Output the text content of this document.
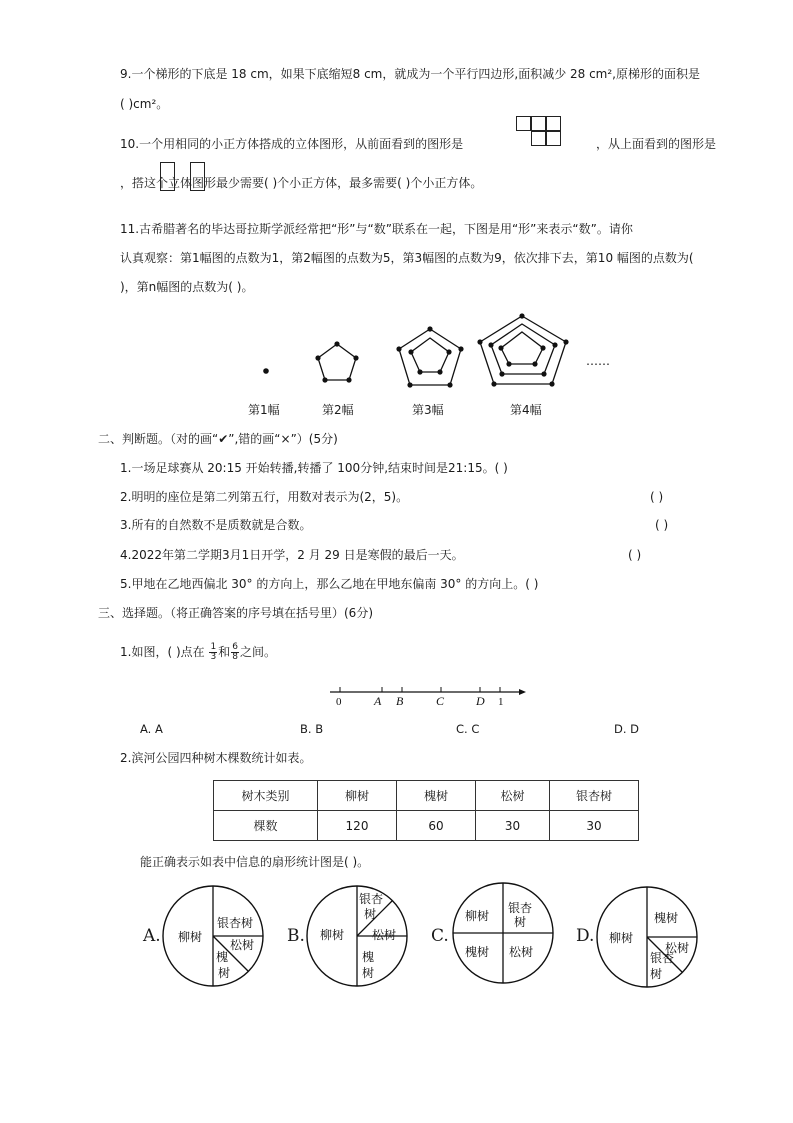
9.一个梯形的下底是 18 cm，如果下底缩短8 cm，就成为一个平行四边形,面积减少 28 cm²,原梯形的面积是
( )cm²。
10.一个用相同的小正方体搭成的立体图形，从前面看到的图形是	，从上面看到的图形是
，搭这个立体图形最少需要( )个小正方体，最多需要( )个小正方体。
11.古希腊著名的毕达哥拉斯学派经常把“形”与“数”联系在一起，下图是用“形”来表示“数”。请你
认真观察：第1幅图的点数为1，第2幅图的点数为5，第3幅图的点数为9，依次排下去，第10 幅图的点数为(
)，第n幅图的点数为( )。
……
第1幅	第2幅	第3幅	第4幅
二、判断题。（对的画“✔”,错的画“×”）(5分)
1.一场足球赛从 20:15 开始转播,转播了 100分钟,结束时间是21:15。( )
2.明明的座位是第二列第五行，用数对表示为(2，5)。	( )
3.所有的自然数不是质数就是合数。	( )
4.2022年第二学期3月1日开学，2 月 29 日是寒假的最后一天。	( )
5.甲地在乙地西偏北 30° 的方向上，那么乙地在甲地东偏南 30° 的方向上。( )
三、选择题。（将正确答案的序号填在括号里）(6分)
1.如图，( )点在 $\frac{1}{3}$ 和 $\frac{6}{8}$ 之间。
0	1
A B	C	D
A. A	B. B	C. C	D. D
2.滨河公园四种树木棵数统计如表。
树木类别	柳树	槐树	松树	银杏树
棵数	120	60	30	30
能正确表示如表中信息的扇形统计图是( )。
A.	B.	C.	D.
柳树
银杏树
松树
槐
树
柳树
银杏
树
松树
槐
树
柳树
银杏
树
槐树 松树
柳树
槐树
松树
银杏
树
